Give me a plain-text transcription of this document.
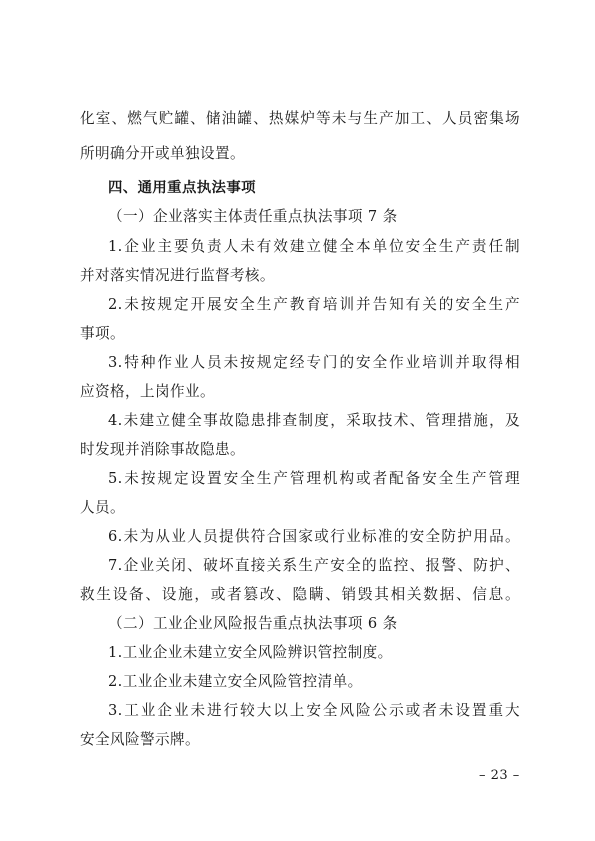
化室、燃气贮罐、储油罐、热媒炉等未与生产加工、人员密集场
所明确分开或单独设置。
四、通用重点执法事项
（一）企业落实主体责任重点执法事项 7 条
1.企业主要负责人未有效建立健全本单位安全生产责任制
并对落实情况进行监督考核。
2.未按规定开展安全生产教育培训并告知有关的安全生产
事项。
3.特种作业人员未按规定经专门的安全作业培训并取得相
应资格，上岗作业。
4.未建立健全事故隐患排查制度，采取技术、管理措施，及
时发现并消除事故隐患。
5.未按规定设置安全生产管理机构或者配备安全生产管理
人员。
6.未为从业人员提供符合国家或行业标准的安全防护用品。
7.企业关闭、破坏直接关系生产安全的监控、报警、防护、
救生设备、设施，或者篡改、隐瞒、销毁其相关数据、信息。
（二）工业企业风险报告重点执法事项 6 条
1.工业企业未建立安全风险辨识管控制度。
2.工业企业未建立安全风险管控清单。
3.工业企业未进行较大以上安全风险公示或者未设置重大
安全风险警示牌。
– 23 –
